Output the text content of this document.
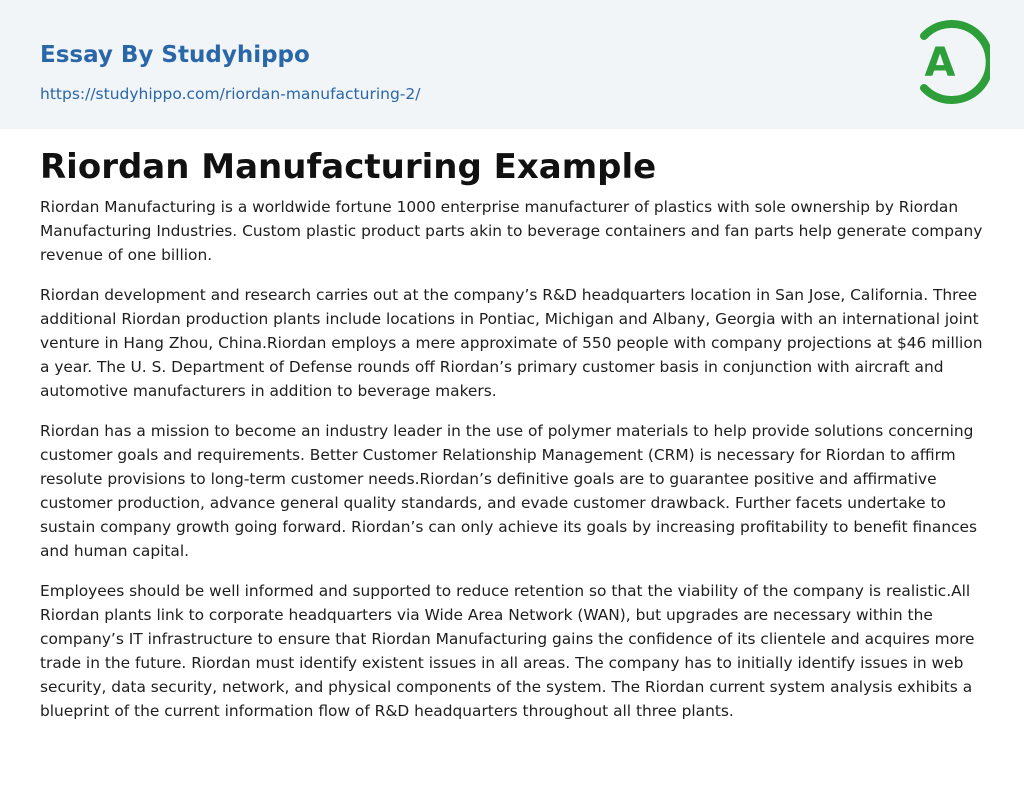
Essay By Studyhippo
https://studyhippo.com/riordan-manufacturing-2/
A
Riordan Manufacturing Example

Riordan Manufacturing is a worldwide fortune 1000 enterprise manufacturer of plastics with sole ownership by Riordan Manufacturing Industries. Custom plastic product parts akin to beverage containers and fan parts help generate company revenue of one billion.

Riordan development and research carries out at the company’s R&D headquarters location in San Jose, California. Three additional Riordan production plants include locations in Pontiac, Michigan and Albany, Georgia with an international joint venture in Hang Zhou, China.Riordan employs a mere approximate of 550 people with company projections at $46 million a year. The U. S. Department of Defense rounds off Riordan’s primary customer basis in conjunction with aircraft and automotive manufacturers in addition to beverage makers.

Riordan has a mission to become an industry leader in the use of polymer materials to help provide solutions concerning customer goals and requirements. Better Customer Relationship Management (CRM) is necessary for Riordan to affirm resolute provisions to long-term customer needs.Riordan’s definitive goals are to guarantee positive and affirmative customer production, advance general quality standards, and evade customer drawback. Further facets undertake to sustain company growth going forward. Riordan’s can only achieve its goals by increasing profitability to benefit finances and human capital.

Employees should be well informed and supported to reduce retention so that the viability of the company is realistic.All Riordan plants link to corporate headquarters via Wide Area Network (WAN), but upgrades are necessary within the company’s IT infrastructure to ensure that Riordan Manufacturing gains the confidence of its clientele and acquires more trade in the future. Riordan must identify existent issues in all areas. The company has to initially identify issues in web security, data security, network, and physical components of the system. The Riordan current system analysis exhibits a blueprint of the current information flow of R&D headquarters throughout all three plants.
